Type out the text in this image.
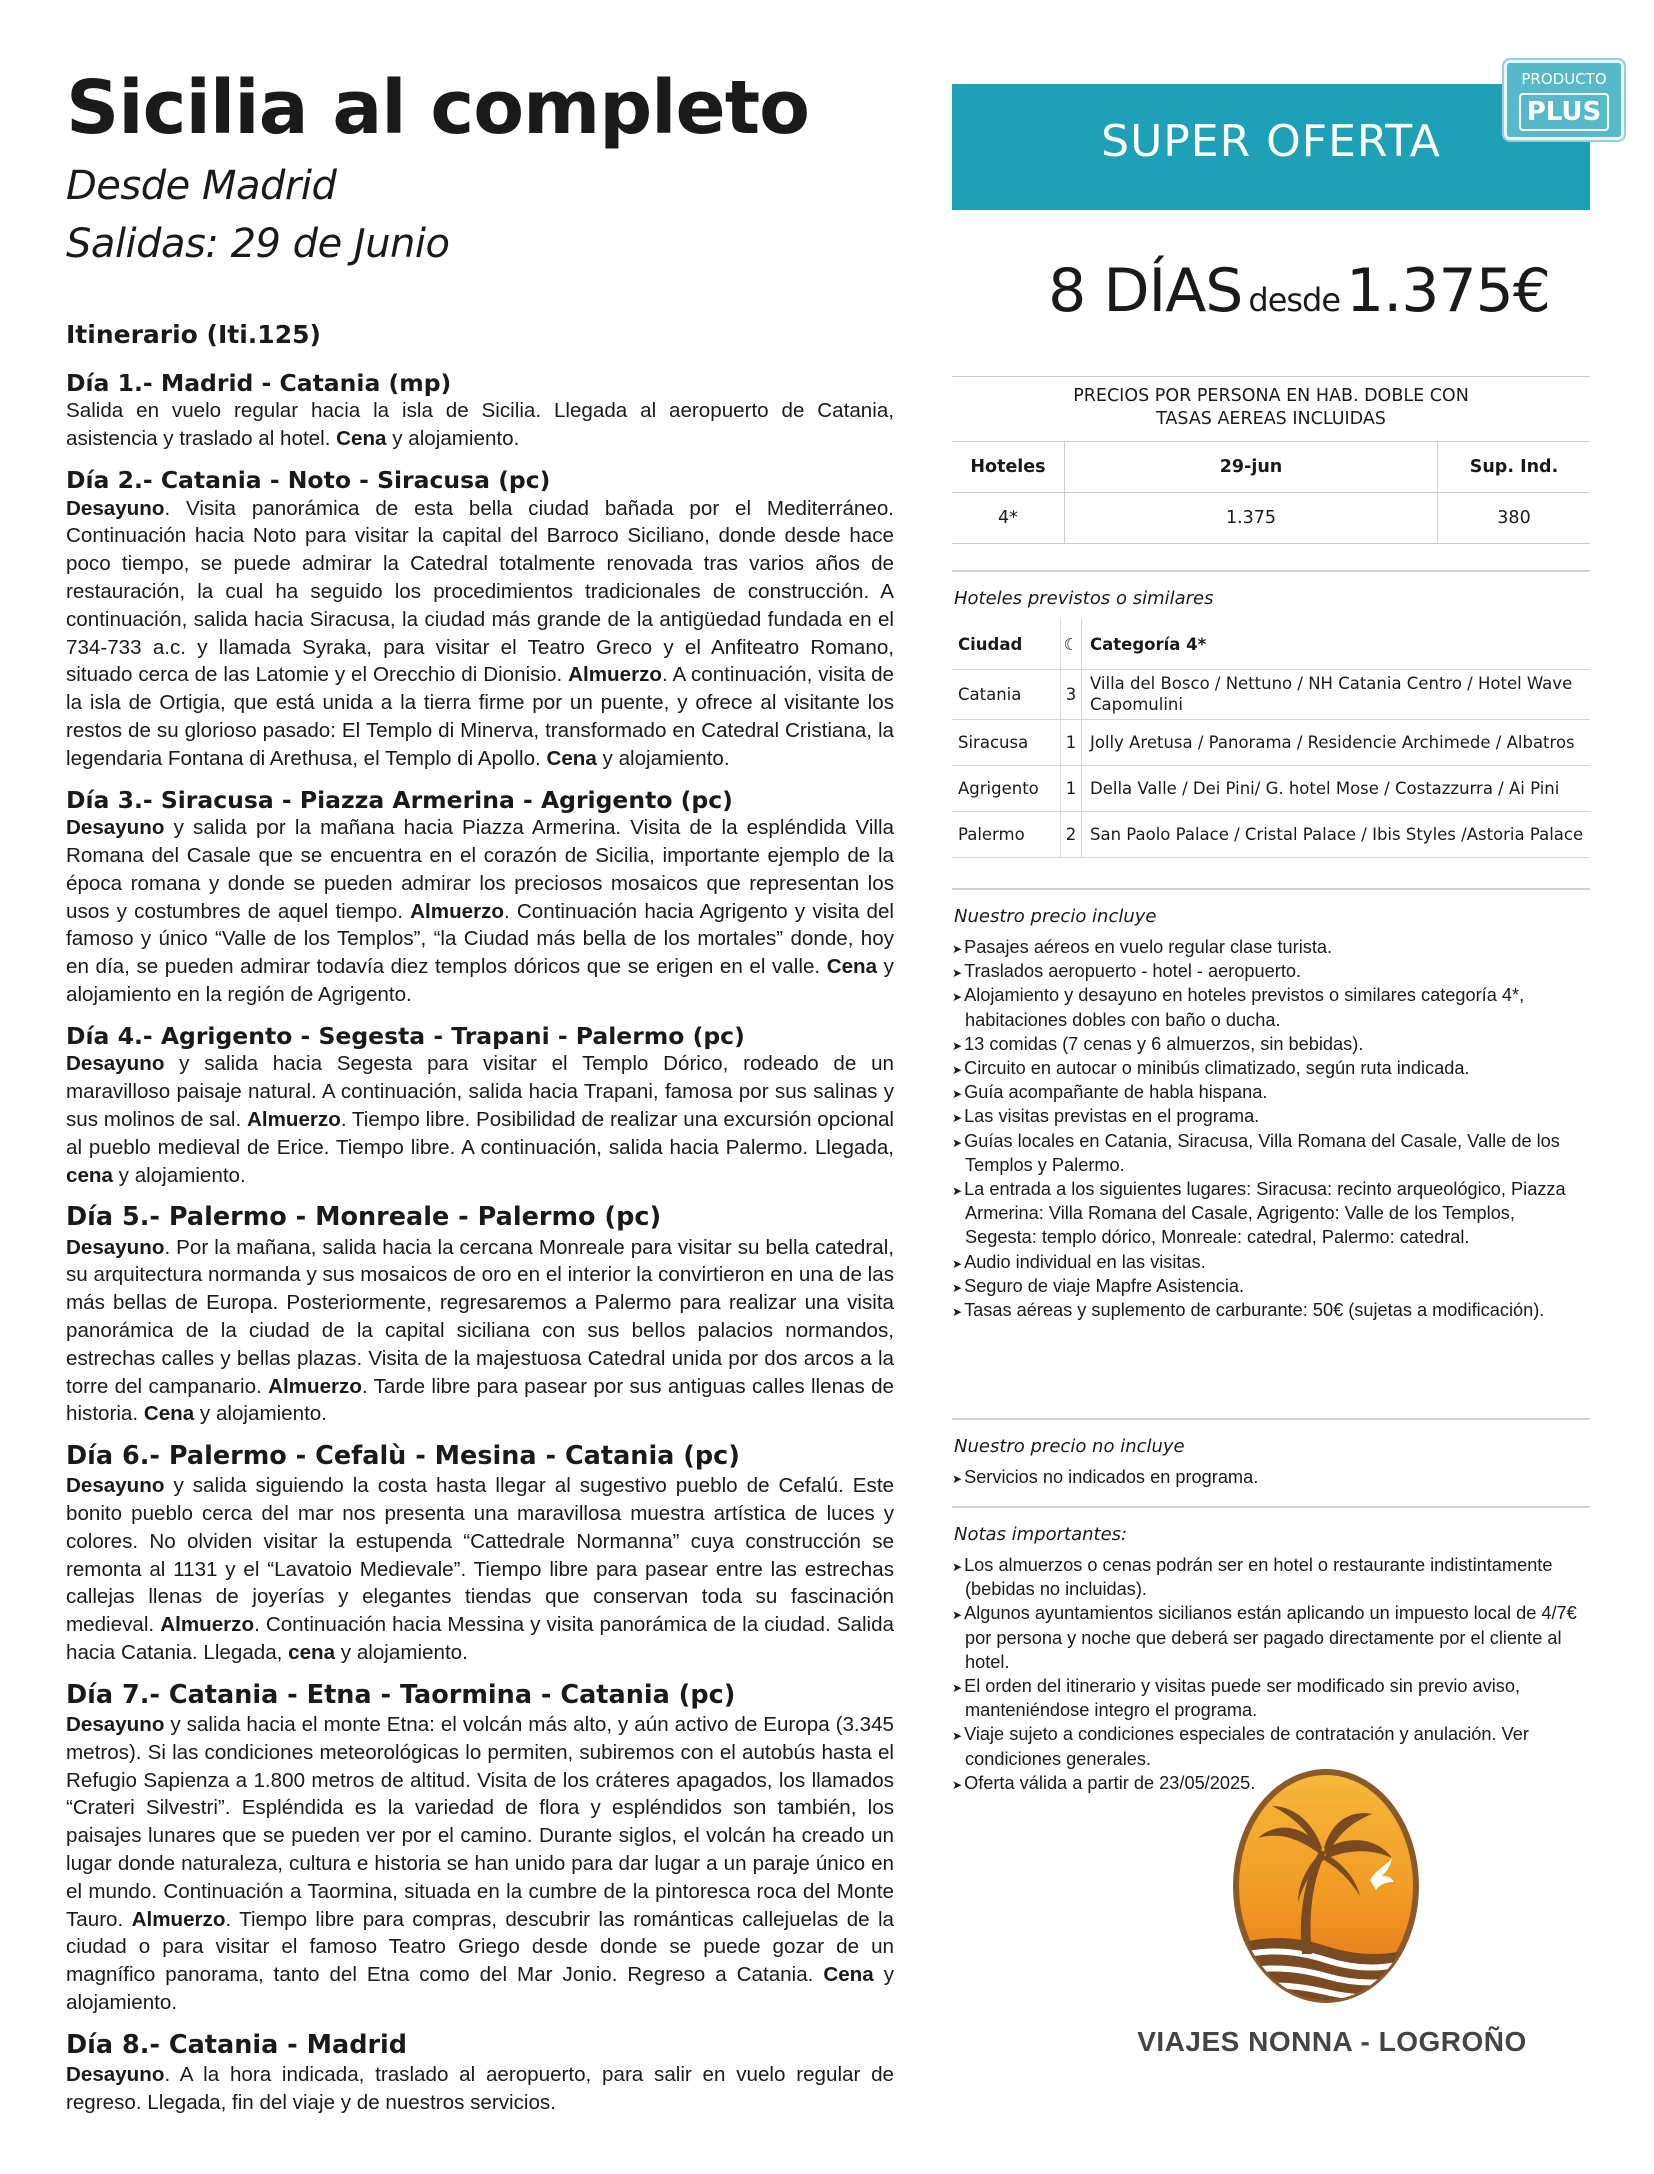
Sicilia al completo
Desde Madrid
Salidas: 29 de Junio
Itinerario (Iti.125)
Día 1.- Madrid - Catania (mp)

Salida en vuelo regular hacia la isla de Sicilia. Llegada al aeropuerto de Catania, asistencia y traslado al hotel. Cena y alojamiento.

Día 2.- Catania - Noto - Siracusa (pc)

Desayuno. Visita panorámica de esta bella ciudad bañada por el Mediterráneo. Continuación hacia Noto para visitar la capital del Barroco Siciliano, donde desde hace poco tiempo, se puede admirar la Catedral totalmente renovada tras varios años de restauración, la cual ha seguido los procedimientos tradicionales de construcción. A continuación, salida hacia Siracusa, la ciudad más grande de la antigüedad fundada en el 734-733 a.c. y llamada Syraka, para visitar el Teatro Greco y el Anfiteatro Romano, situado cerca de las Latomie y el Orecchio di Dionisio. Almuerzo. A continuación, visita de la isla de Ortigia, que está unida a la tierra firme por un puente, y ofrece al visitante los restos de su glorioso pasado: El Templo di Minerva, transformado en Catedral Cristiana, la legendaria Fontana di Arethusa, el Templo di Apollo. Cena y alojamiento.

Día 3.- Siracusa - Piazza Armerina - Agrigento (pc)

Desayuno y salida por la mañana hacia Piazza Armerina. Visita de la espléndida Villa Romana del Casale que se encuentra en el corazón de Sicilia, importante ejemplo de la época romana y donde se pueden admirar los preciosos mosaicos que representan los usos y costumbres de aquel tiempo. Almuerzo. Continuación hacia Agrigento y visita del famoso y único “Valle de los Templos”, “la Ciudad más bella de los mortales” donde, hoy en día, se pueden admirar todavía diez templos dóricos que se erigen en el valle. Cena y alojamiento en la región de Agrigento.

Día 4.- Agrigento - Segesta - Trapani - Palermo (pc)

Desayuno y salida hacia Segesta para visitar el Templo Dórico, rodeado de un maravilloso paisaje natural. A continuación, salida hacia Trapani, famosa por sus salinas y sus molinos de sal. Almuerzo. Tiempo libre. Posibilidad de realizar una excursión opcional al pueblo medieval de Erice. Tiempo libre. A continuación, salida hacia Palermo. Llegada, cena y alojamiento.

Día 5.- Palermo - Monreale - Palermo (pc)

Desayuno. Por la mañana, salida hacia la cercana Monreale para visitar su bella catedral, su arquitectura normanda y sus mosaicos de oro en el interior la convirtieron en una de las más bellas de Europa. Posteriormente, regresaremos a Palermo para realizar una visita panorámica de la ciudad de la capital siciliana con sus bellos palacios normandos, estrechas calles y bellas plazas. Visita de la majestuosa Catedral unida por dos arcos a la torre del campanario. Almuerzo. Tarde libre para pasear por sus antiguas calles llenas de historia. Cena y alojamiento.

Día 6.- Palermo - Cefalù - Mesina - Catania (pc)

Desayuno y salida siguiendo la costa hasta llegar al sugestivo pueblo de Cefalú. Este bonito pueblo cerca del mar nos presenta una maravillosa muestra artística de luces y colores. No olviden visitar la estupenda “Cattedrale Normanna” cuya construcción se remonta al 1131 y el “Lavatoio Medievale”. Tiempo libre para pasear entre las estrechas callejas llenas de joyerías y elegantes tiendas que conservan toda su fascinación medieval. Almuerzo. Continuación hacia Messina y visita panorámica de la ciudad. Salida hacia Catania. Llegada, cena y alojamiento.

Día 7.- Catania - Etna - Taormina - Catania (pc)

Desayuno y salida hacia el monte Etna: el volcán más alto, y aún activo de Europa (3.345 metros). Si las condiciones meteorológicas lo permiten, subiremos con el autobús hasta el Refugio Sapienza a 1.800 metros de altitud. Visita de los cráteres apagados, los llamados “Crateri Silvestri”. Espléndida es la variedad de flora y espléndidos son también, los paisajes lunares que se pueden ver por el camino. Durante siglos, el volcán ha creado un lugar donde naturaleza, cultura e historia se han unido para dar lugar a un paraje único en el mundo. Continuación a Taormina, situada en la cumbre de la pintoresca roca del Monte Tauro. Almuerzo. Tiempo libre para compras, descubrir las románticas callejuelas de la ciudad o para visitar el famoso Teatro Griego desde donde se puede gozar de un magnífico panorama, tanto del Etna como del Mar Jonio. Regreso a Catania. Cena y alojamiento.

Día 8.- Catania - Madrid

Desayuno. A la hora indicada, traslado al aeropuerto, para salir en vuelo regular de regreso. Llegada, fin del viaje y de nuestros servicios.

SUPER OFERTA
PRODUCTO
PLUS
8 DÍAS desde 1.375€
PRECIOS POR PERSONA EN HAB. DOBLE CON
TASAS AEREAS INCLUIDAS
Hoteles	29-jun	Sup. Ind.
4*	1.375	380

Hoteles previstos o similares

Ciudad	☾	Categoría 4*
Catania	3	Villa del Bosco / Nettuno / NH Catania Centro / Hotel Wave Capomulini
Siracusa	1	Jolly Aretusa / Panorama / Residencie Archimede / Albatros
Agrigento	1	Della Valle / Dei Pini/ G. hotel Mose / Costazzurra / Ai Pini
Palermo	2	San Paolo Palace / Cristal Palace / Ibis Styles /Astoria Palace

Nuestro precio incluye

➤ Pasajes aéreos en vuelo regular clase turista.
➤ Traslados aeropuerto - hotel - aeropuerto.
➤ Alojamiento y desayuno en hoteles previstos o similares categoría 4*, habitaciones dobles con baño o ducha.
➤ 13 comidas (7 cenas y 6 almuerzos, sin bebidas).
➤ Circuito en autocar o minibús climatizado, según ruta indicada.
➤ Guía acompañante de habla hispana.
➤ Las visitas previstas en el programa.
➤ Guías locales en Catania, Siracusa, Villa Romana del Casale, Valle de los Templos y Palermo.
➤ La entrada a los siguientes lugares: Siracusa: recinto arqueológico, Piazza Armerina: Villa Romana del Casale, Agrigento: Valle de los Templos, Segesta: templo dórico, Monreale: catedral, Palermo: catedral.
➤ Audio individual en las visitas.
➤ Seguro de viaje Mapfre Asistencia.
➤ Tasas aéreas y suplemento de carburante: 50€ (sujetas a modificación).

Nuestro precio no incluye

➤ Servicios no indicados en programa.

Notas importantes:

➤ Los almuerzos o cenas podrán ser en hotel o restaurante indistintamente (bebidas no incluidas).
➤ Algunos ayuntamientos sicilianos están aplicando un impuesto local de 4/7€ por persona y noche que deberá ser pagado directamente por el cliente al hotel.
➤ El orden del itinerario y visitas puede ser modificado sin previo aviso, manteniéndose integro el programa.
➤ Viaje sujeto a condiciones especiales de contratación y anulación. Ver condiciones generales.
➤ Oferta válida a partir de 23/05/2025.
VIAJES NONNA - LOGROÑO
